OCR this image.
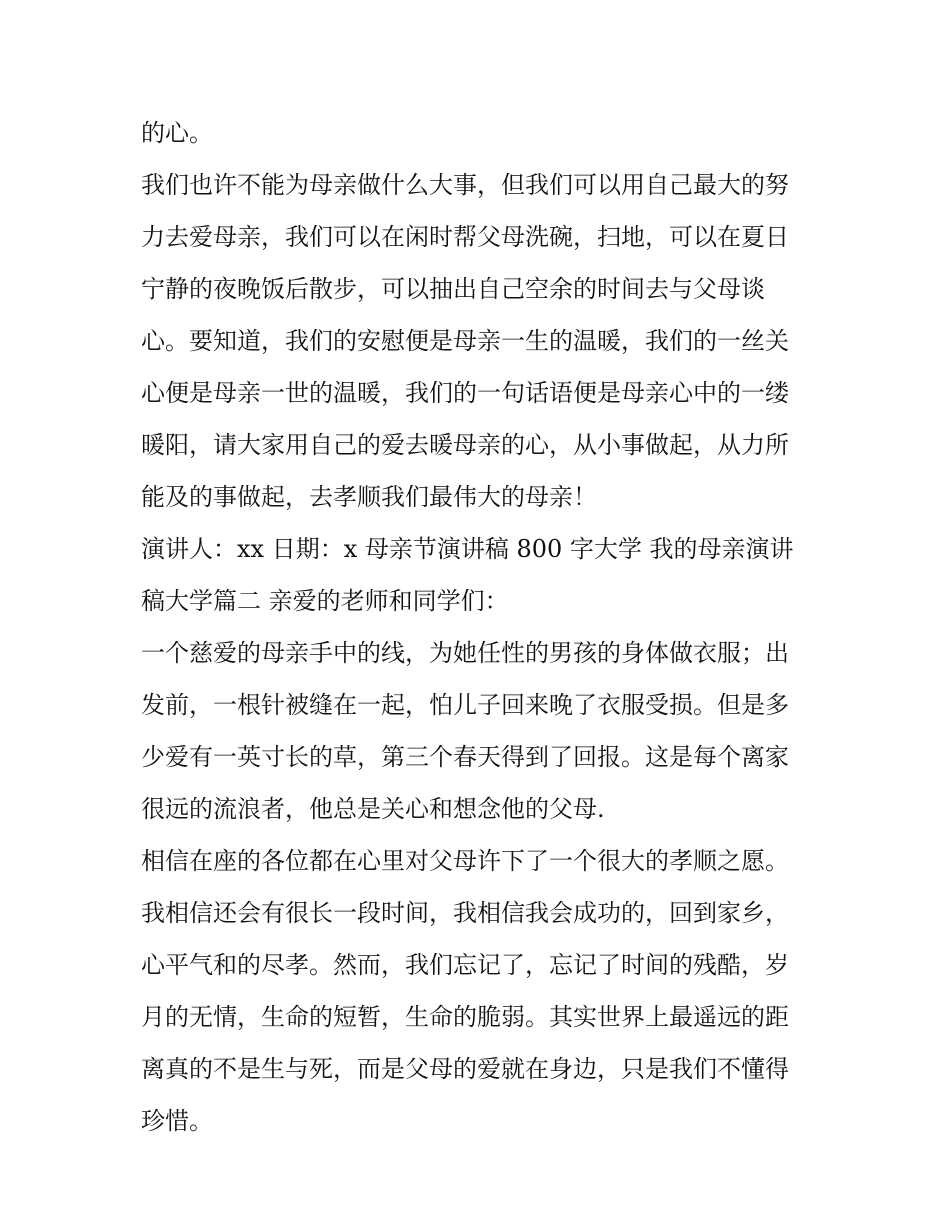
的心。
我们也许不能为母亲做什么大事，但我们可以用自己最大的努
力去爱母亲，我们可以在闲时帮父母洗碗，扫地，可以在夏日
宁静的夜晚饭后散步，可以抽出自己空余的时间去与父母谈
心。要知道，我们的安慰便是母亲一生的温暖，我们的一丝关
心便是母亲一世的温暖，我们的一句话语便是母亲心中的一缕
暖阳，请大家用自己的爱去暖母亲的心，从小事做起，从力所
能及的事做起，去孝顺我们最伟大的母亲！
演讲人：xx 日期：x 母亲节演讲稿 800 字大学 我的母亲演讲
稿大学篇二 亲爱的老师和同学们：
一个慈爱的母亲手中的线，为她任性的男孩的身体做衣服；出
发前，一根针被缝在一起，怕儿子回来晚了衣服受损。但是多
少爱有一英寸长的草，第三个春天得到了回报。这是每个离家
很远的流浪者，他总是关心和想念他的父母.
相信在座的各位都在心里对父母许下了一个很大的孝顺之愿。
我相信还会有很长一段时间，我相信我会成功的，回到家乡，
心平气和的尽孝。然而，我们忘记了，忘记了时间的残酷，岁
月的无情，生命的短暂，生命的脆弱。其实世界上最遥远的距
离真的不是生与死，而是父母的爱就在身边，只是我们不懂得
珍惜。
